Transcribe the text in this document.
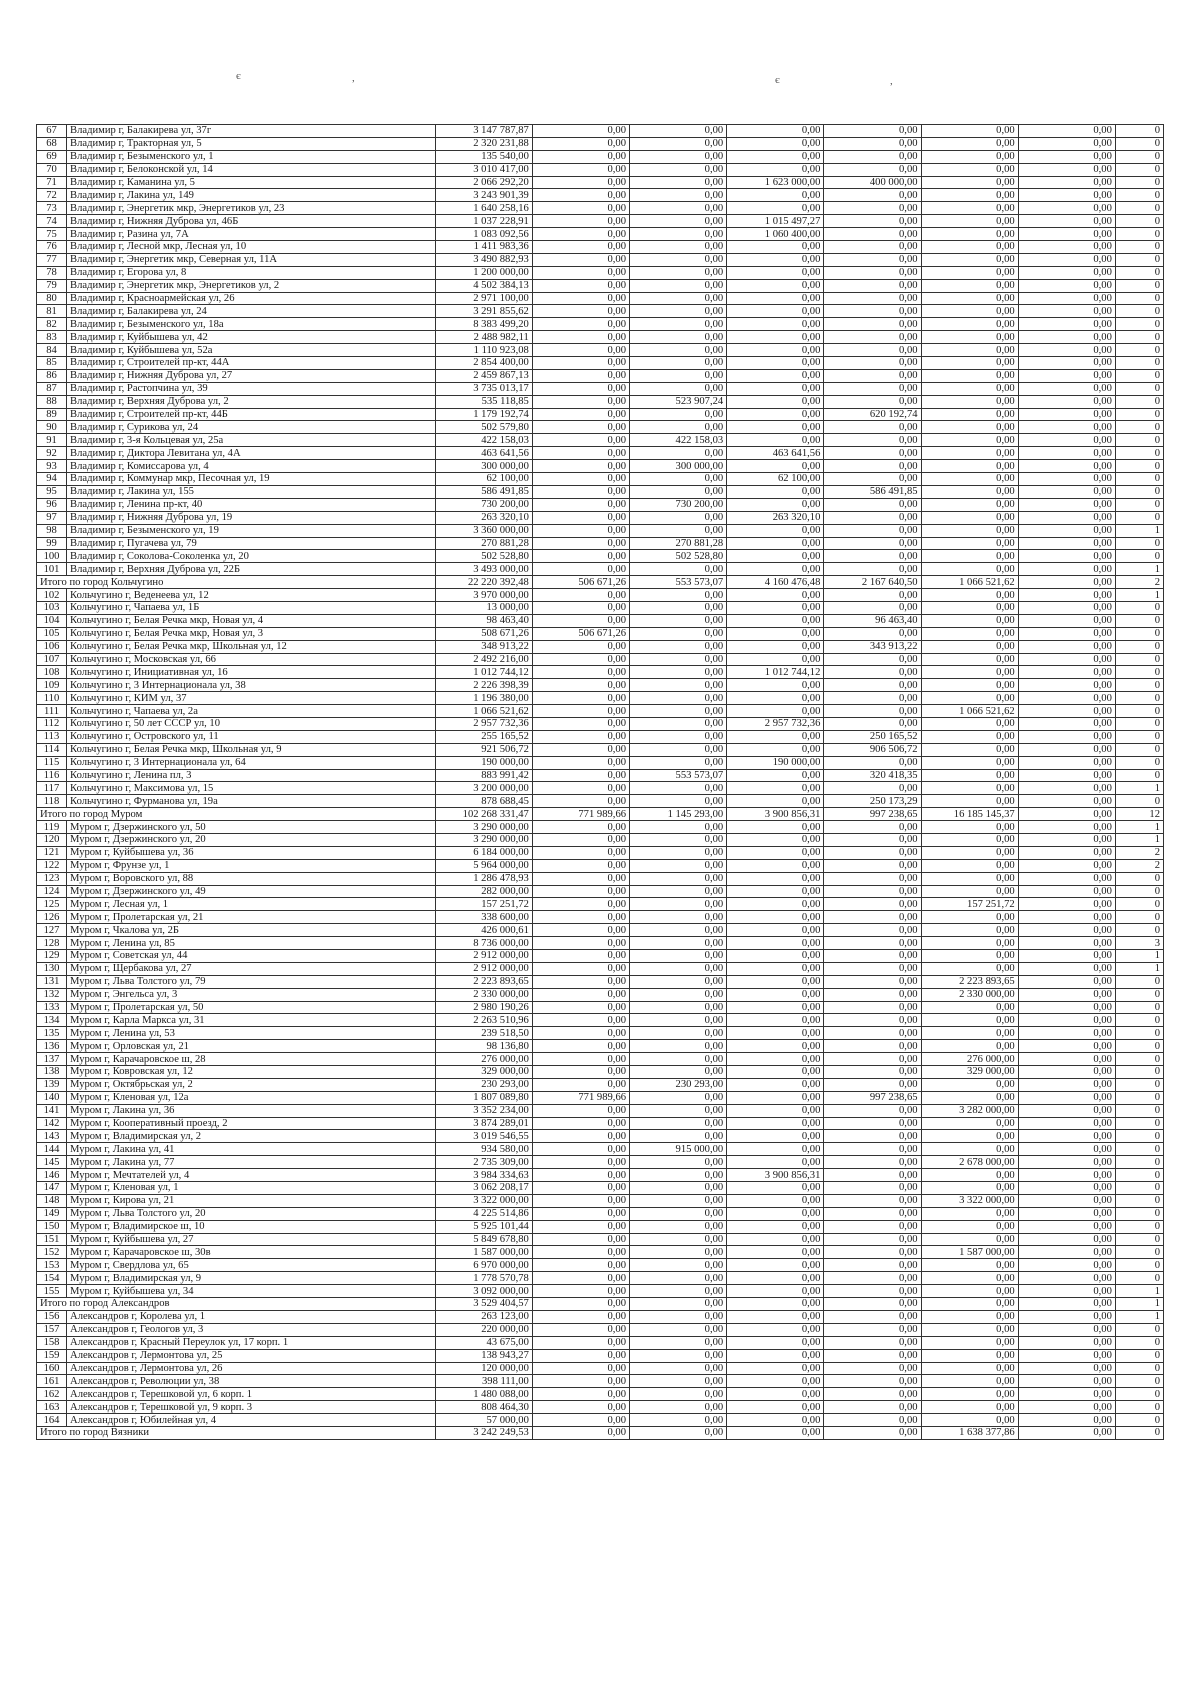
є	,	є	,
67	Владимир г, Балакирева ул, 37г	3 147 787,87	0,00	0,00	0,00	0,00	0,00	0,00	0
68	Владимир г, Тракторная ул, 5	2 320 231,88	0,00	0,00	0,00	0,00	0,00	0,00	0
69	Владимир г, Безыменского ул, 1	135 540,00	0,00	0,00	0,00	0,00	0,00	0,00	0
70	Владимир г, Белоконской ул, 14	3 010 417,00	0,00	0,00	0,00	0,00	0,00	0,00	0
71	Владимир г, Каманина ул, 5	2 066 292,20	0,00	0,00	1 623 000,00	400 000,00	0,00	0,00	0
72	Владимир г, Лакина ул, 149	3 243 901,39	0,00	0,00	0,00	0,00	0,00	0,00	0
73	Владимир г, Энергетик мкр, Энергетиков ул, 23	1 640 258,16	0,00	0,00	0,00	0,00	0,00	0,00	0
74	Владимир г, Нижняя Дуброва ул, 46Б	1 037 228,91	0,00	0,00	1 015 497,27	0,00	0,00	0,00	0
75	Владимир г, Разина ул, 7А	1 083 092,56	0,00	0,00	1 060 400,00	0,00	0,00	0,00	0
76	Владимир г, Лесной мкр, Лесная ул, 10	1 411 983,36	0,00	0,00	0,00	0,00	0,00	0,00	0
77	Владимир г, Энергетик мкр, Северная ул, 11А	3 490 882,93	0,00	0,00	0,00	0,00	0,00	0,00	0
78	Владимир г, Егорова ул, 8	1 200 000,00	0,00	0,00	0,00	0,00	0,00	0,00	0
79	Владимир г, Энергетик мкр, Энергетиков ул, 2	4 502 384,13	0,00	0,00	0,00	0,00	0,00	0,00	0
80	Владимир г, Красноармейская ул, 26	2 971 100,00	0,00	0,00	0,00	0,00	0,00	0,00	0
81	Владимир г, Балакирева ул, 24	3 291 855,62	0,00	0,00	0,00	0,00	0,00	0,00	0
82	Владимир г, Безыменского ул, 18а	8 383 499,20	0,00	0,00	0,00	0,00	0,00	0,00	0
83	Владимир г, Куйбышева ул, 42	2 488 982,11	0,00	0,00	0,00	0,00	0,00	0,00	0
84	Владимир г, Куйбышева ул, 52а	1 110 923,08	0,00	0,00	0,00	0,00	0,00	0,00	0
85	Владимир г, Строителей пр-кт, 44А	2 854 400,00	0,00	0,00	0,00	0,00	0,00	0,00	0
86	Владимир г, Нижняя Дуброва ул, 27	2 459 867,13	0,00	0,00	0,00	0,00	0,00	0,00	0
87	Владимир г, Растопчина ул, 39	3 735 013,17	0,00	0,00	0,00	0,00	0,00	0,00	0
88	Владимир г, Верхняя Дуброва ул, 2	535 118,85	0,00	523 907,24	0,00	0,00	0,00	0,00	0
89	Владимир г, Строителей пр-кт, 44Б	1 179 192,74	0,00	0,00	0,00	620 192,74	0,00	0,00	0
90	Владимир г, Сурикова ул, 24	502 579,80	0,00	0,00	0,00	0,00	0,00	0,00	0
91	Владимир г, 3-я Кольцевая ул, 25а	422 158,03	0,00	422 158,03	0,00	0,00	0,00	0,00	0
92	Владимир г, Диктора Левитана ул, 4А	463 641,56	0,00	0,00	463 641,56	0,00	0,00	0,00	0
93	Владимир г, Комиссарова ул, 4	300 000,00	0,00	300 000,00	0,00	0,00	0,00	0,00	0
94	Владимир г, Коммунар мкр, Песочная ул, 19	62 100,00	0,00	0,00	62 100,00	0,00	0,00	0,00	0
95	Владимир г, Лакина ул, 155	586 491,85	0,00	0,00	0,00	586 491,85	0,00	0,00	0
96	Владимир г, Ленина пр-кт, 40	730 200,00	0,00	730 200,00	0,00	0,00	0,00	0,00	0
97	Владимир г, Нижняя Дуброва ул, 19	263 320,10	0,00	0,00	263 320,10	0,00	0,00	0,00	0
98	Владимир г, Безыменского ул, 19	3 360 000,00	0,00	0,00	0,00	0,00	0,00	0,00	1
99	Владимир г, Пугачева ул, 79	270 881,28	0,00	270 881,28	0,00	0,00	0,00	0,00	0
100	Владимир г, Соколова-Соколенка ул, 20	502 528,80	0,00	502 528,80	0,00	0,00	0,00	0,00	0
101	Владимир г, Верхняя Дуброва ул, 22Б	3 493 000,00	0,00	0,00	0,00	0,00	0,00	0,00	1
Итого по город Кольчугино		22 220 392,48	506 671,26	553 573,07	4 160 476,48	2 167 640,50	1 066 521,62	0,00	2
102	Кольчугино г, Веденеева ул, 12	3 970 000,00	0,00	0,00	0,00	0,00	0,00	0,00	1
103	Кольчугино г, Чапаева ул, 1Б	13 000,00	0,00	0,00	0,00	0,00	0,00	0,00	0
104	Кольчугино г, Белая Речка мкр, Новая ул, 4	98 463,40	0,00	0,00	0,00	96 463,40	0,00	0,00	0
105	Кольчугино г, Белая Речка мкр, Новая ул, 3	508 671,26	506 671,26	0,00	0,00	0,00	0,00	0,00	0
106	Кольчугино г, Белая Речка мкр, Школьная ул, 12	348 913,22	0,00	0,00	0,00	343 913,22	0,00	0,00	0
107	Кольчугино г, Московская ул, 66	2 492 216,00	0,00	0,00	0,00	0,00	0,00	0,00	0
108	Кольчугино г, Инициативная ул, 16	1 012 744,12	0,00	0,00	1 012 744,12	0,00	0,00	0,00	0
109	Кольчугино г, 3 Интернационала ул, 38	2 226 398,39	0,00	0,00	0,00	0,00	0,00	0,00	0
110	Кольчугино г, КИМ ул, 37	1 196 380,00	0,00	0,00	0,00	0,00	0,00	0,00	0
111	Кольчугино г, Чапаева ул, 2а	1 066 521,62	0,00	0,00	0,00	0,00	1 066 521,62	0,00	0
112	Кольчугино г, 50 лет СССР ул, 10	2 957 732,36	0,00	0,00	2 957 732,36	0,00	0,00	0,00	0
113	Кольчугино г, Островского ул, 11	255 165,52	0,00	0,00	0,00	250 165,52	0,00	0,00	0
114	Кольчугино г, Белая Речка мкр, Школьная ул, 9	921 506,72	0,00	0,00	0,00	906 506,72	0,00	0,00	0
115	Кольчугино г, 3 Интернационала ул, 64	190 000,00	0,00	0,00	190 000,00	0,00	0,00	0,00	0
116	Кольчугино г, Ленина пл, 3	883 991,42	0,00	553 573,07	0,00	320 418,35	0,00	0,00	0
117	Кольчугино г, Максимова ул, 15	3 200 000,00	0,00	0,00	0,00	0,00	0,00	0,00	1
118	Кольчугино г, Фурманова ул, 19а	878 688,45	0,00	0,00	0,00	250 173,29	0,00	0,00	0
Итого по город Муром		102 268 331,47	771 989,66	1 145 293,00	3 900 856,31	997 238,65	16 185 145,37	0,00	12
119	Муром г, Дзержинского ул, 50	3 290 000,00	0,00	0,00	0,00	0,00	0,00	0,00	1
120	Муром г, Дзержинского ул, 20	3 290 000,00	0,00	0,00	0,00	0,00	0,00	0,00	1
121	Муром г, Куйбышева ул, 36	6 184 000,00	0,00	0,00	0,00	0,00	0,00	0,00	2
122	Муром г, Фрунзе ул, 1	5 964 000,00	0,00	0,00	0,00	0,00	0,00	0,00	2
123	Муром г, Воровского ул, 88	1 286 478,93	0,00	0,00	0,00	0,00	0,00	0,00	0
124	Муром г, Дзержинского ул, 49	282 000,00	0,00	0,00	0,00	0,00	0,00	0,00	0
125	Муром г, Лесная ул, 1	157 251,72	0,00	0,00	0,00	0,00	157 251,72	0,00	0
126	Муром г, Пролетарская ул, 21	338 600,00	0,00	0,00	0,00	0,00	0,00	0,00	0
127	Муром г, Чкалова ул, 2Б	426 000,61	0,00	0,00	0,00	0,00	0,00	0,00	0
128	Муром г, Ленина ул, 85	8 736 000,00	0,00	0,00	0,00	0,00	0,00	0,00	3
129	Муром г, Советская ул, 44	2 912 000,00	0,00	0,00	0,00	0,00	0,00	0,00	1
130	Муром г, Щербакова ул, 27	2 912 000,00	0,00	0,00	0,00	0,00	0,00	0,00	1
131	Муром г, Льва Толстого ул, 79	2 223 893,65	0,00	0,00	0,00	0,00	2 223 893,65	0,00	0
132	Муром г, Энгельса ул, 3	2 330 000,00	0,00	0,00	0,00	0,00	2 330 000,00	0,00	0
133	Муром г, Пролетарская ул, 50	2 980 190,26	0,00	0,00	0,00	0,00	0,00	0,00	0
134	Муром г, Карла Маркса ул, 31	2 263 510,96	0,00	0,00	0,00	0,00	0,00	0,00	0
135	Муром г, Ленина ул, 53	239 518,50	0,00	0,00	0,00	0,00	0,00	0,00	0
136	Муром г, Орловская ул, 21	98 136,80	0,00	0,00	0,00	0,00	0,00	0,00	0
137	Муром г, Карачаровское ш, 28	276 000,00	0,00	0,00	0,00	0,00	276 000,00	0,00	0
138	Муром г, Ковровская ул, 12	329 000,00	0,00	0,00	0,00	0,00	329 000,00	0,00	0
139	Муром г, Октябрьская ул, 2	230 293,00	0,00	230 293,00	0,00	0,00	0,00	0,00	0
140	Муром г, Кленовая ул, 12а	1 807 089,80	771 989,66	0,00	0,00	997 238,65	0,00	0,00	0
141	Муром г, Лакина ул, 36	3 352 234,00	0,00	0,00	0,00	0,00	3 282 000,00	0,00	0
142	Муром г, Кооперативный проезд, 2	3 874 289,01	0,00	0,00	0,00	0,00	0,00	0,00	0
143	Муром г, Владимирская ул, 2	3 019 546,55	0,00	0,00	0,00	0,00	0,00	0,00	0
144	Муром г, Лакина ул, 41	934 580,00	0,00	915 000,00	0,00	0,00	0,00	0,00	0
145	Муром г, Лакина ул, 77	2 735 309,00	0,00	0,00	0,00	0,00	2 678 000,00	0,00	0
146	Муром г, Мечтателей ул, 4	3 984 334,63	0,00	0,00	3 900 856,31	0,00	0,00	0,00	0
147	Муром г, Кленовая ул, 1	3 062 208,17	0,00	0,00	0,00	0,00	0,00	0,00	0
148	Муром г, Кирова ул, 21	3 322 000,00	0,00	0,00	0,00	0,00	3 322 000,00	0,00	0
149	Муром г, Льва Толстого ул, 20	4 225 514,86	0,00	0,00	0,00	0,00	0,00	0,00	0
150	Муром г, Владимирское ш, 10	5 925 101,44	0,00	0,00	0,00	0,00	0,00	0,00	0
151	Муром г, Куйбышева ул, 27	5 849 678,80	0,00	0,00	0,00	0,00	0,00	0,00	0
152	Муром г, Карачаровское ш, 30в	1 587 000,00	0,00	0,00	0,00	0,00	1 587 000,00	0,00	0
153	Муром г, Свердлова ул, 65	6 970 000,00	0,00	0,00	0,00	0,00	0,00	0,00	0
154	Муром г, Владимирская ул, 9	1 778 570,78	0,00	0,00	0,00	0,00	0,00	0,00	0
155	Муром г, Куйбышева ул, 34	3 092 000,00	0,00	0,00	0,00	0,00	0,00	0,00	1
Итого по город Александров		3 529 404,57	0,00	0,00	0,00	0,00	0,00	0,00	1
156	Александров г, Королева ул, 1	263 123,00	0,00	0,00	0,00	0,00	0,00	0,00	1
157	Александров г, Геологов ул, 3	220 000,00	0,00	0,00	0,00	0,00	0,00	0,00	0
158	Александров г, Красный Переулок ул, 17 корп. 1	43 675,00	0,00	0,00	0,00	0,00	0,00	0,00	0
159	Александров г, Лермонтова ул, 25	138 943,27	0,00	0,00	0,00	0,00	0,00	0,00	0
160	Александров г, Лермонтова ул, 26	120 000,00	0,00	0,00	0,00	0,00	0,00	0,00	0
161	Александров г, Революции ул, 38	398 111,00	0,00	0,00	0,00	0,00	0,00	0,00	0
162	Александров г, Терешковой ул, 6 корп. 1	1 480 088,00	0,00	0,00	0,00	0,00	0,00	0,00	0
163	Александров г, Терешковой ул, 9 корп. 3	808 464,30	0,00	0,00	0,00	0,00	0,00	0,00	0
164	Александров г, Юбилейная ул, 4	57 000,00	0,00	0,00	0,00	0,00	0,00	0,00	0
Итого по город Вязники		3 242 249,53	0,00	0,00	0,00	0,00	1 638 377,86	0,00	0
